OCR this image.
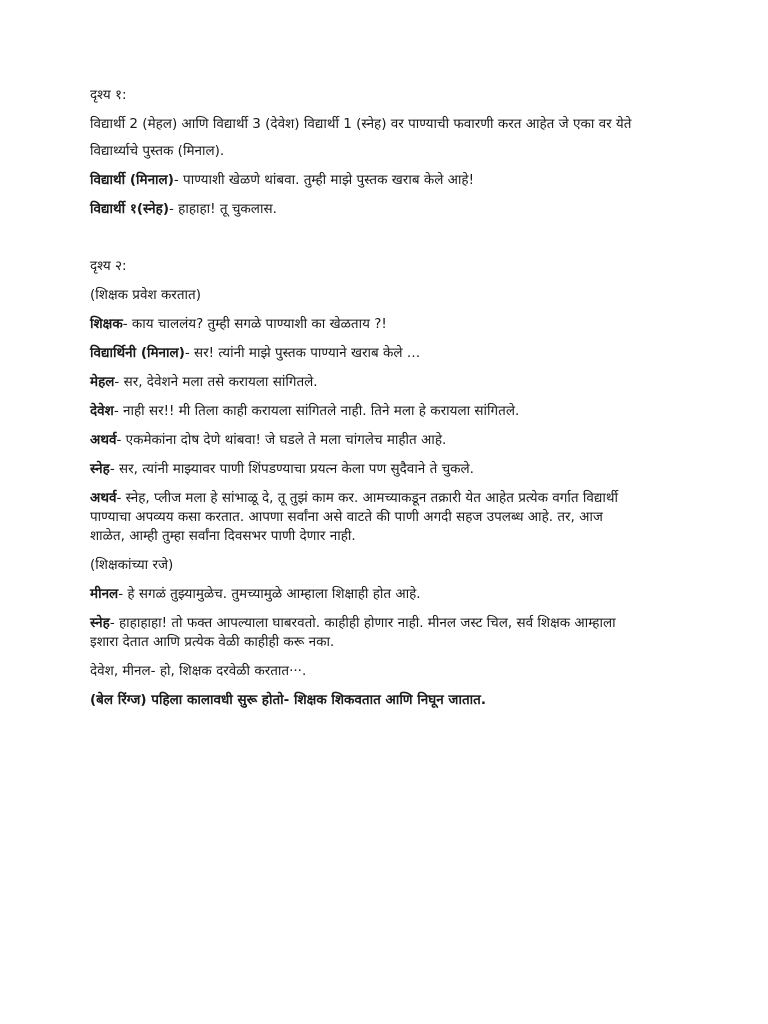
दृश्य १:
विद्यार्थी 2 (मेहल) आणि विद्यार्थी 3 (देवेश) विद्यार्थी 1 (स्नेह) वर पाण्याची फवारणी करत आहेत जे एका वर येते
विद्यार्थ्याचे पुस्तक (मिनाल).
विद्यार्थी (मिनाल)- पाण्याशी खेळणे थांबवा. तुम्ही माझे पुस्तक खराब केले आहे!
विद्यार्थी १(स्नेह)- हाहाहा! तू चुकलास.
दृश्य २:
(शिक्षक प्रवेश करतात)
शिक्षक- काय चाललंय? तुम्ही सगळे पाण्याशी का खेळताय ?!
विद्यार्थिनी (मिनाल)- सर! त्यांनी माझे पुस्तक पाण्याने खराब केले …
मेहल- सर, देवेशने मला तसे करायला सांगितले.
देवेश- नाही सर!! मी तिला काही करायला सांगितले नाही. तिने मला हे करायला सांगितले.
अथर्व- एकमेकांना दोष देणे थांबवा! जे घडले ते मला चांगलेच माहीत आहे.
स्नेह- सर, त्यांनी माझ्यावर पाणी शिंपडण्याचा प्रयत्न केला पण सुदैवाने ते चुकले.
अथर्व- स्नेह, प्लीज मला हे सांभाळू दे, तू तुझं काम कर. आमच्याकडून तक्रारी येत आहेत प्रत्येक वर्गात विद्यार्थी
पाण्याचा अपव्यय कसा करतात. आपणा सर्वांना असे वाटते की पाणी अगदी सहज उपलब्ध आहे. तर, आज
शाळेत, आम्ही तुम्हा सर्वांना दिवसभर पाणी देणार नाही.
(शिक्षकांच्या रजे)
मीनल- हे सगळं तुझ्यामुळेच. तुमच्यामुळे आम्हाला शिक्षाही होत आहे.
स्नेह- हाहाहाहा! तो फक्त आपल्याला घाबरवतो. काहीही होणार नाही. मीनल जस्ट चिल, सर्व शिक्षक आम्हाला
इशारा देतात आणि प्रत्येक वेळी काहीही करू नका.
देवेश, मीनल- हो, शिक्षक दरवेळी करतात···.
(बेल रिंग्ज) पहिला कालावधी सुरू होतो- शिक्षक शिकवतात आणि निघून जातात.
